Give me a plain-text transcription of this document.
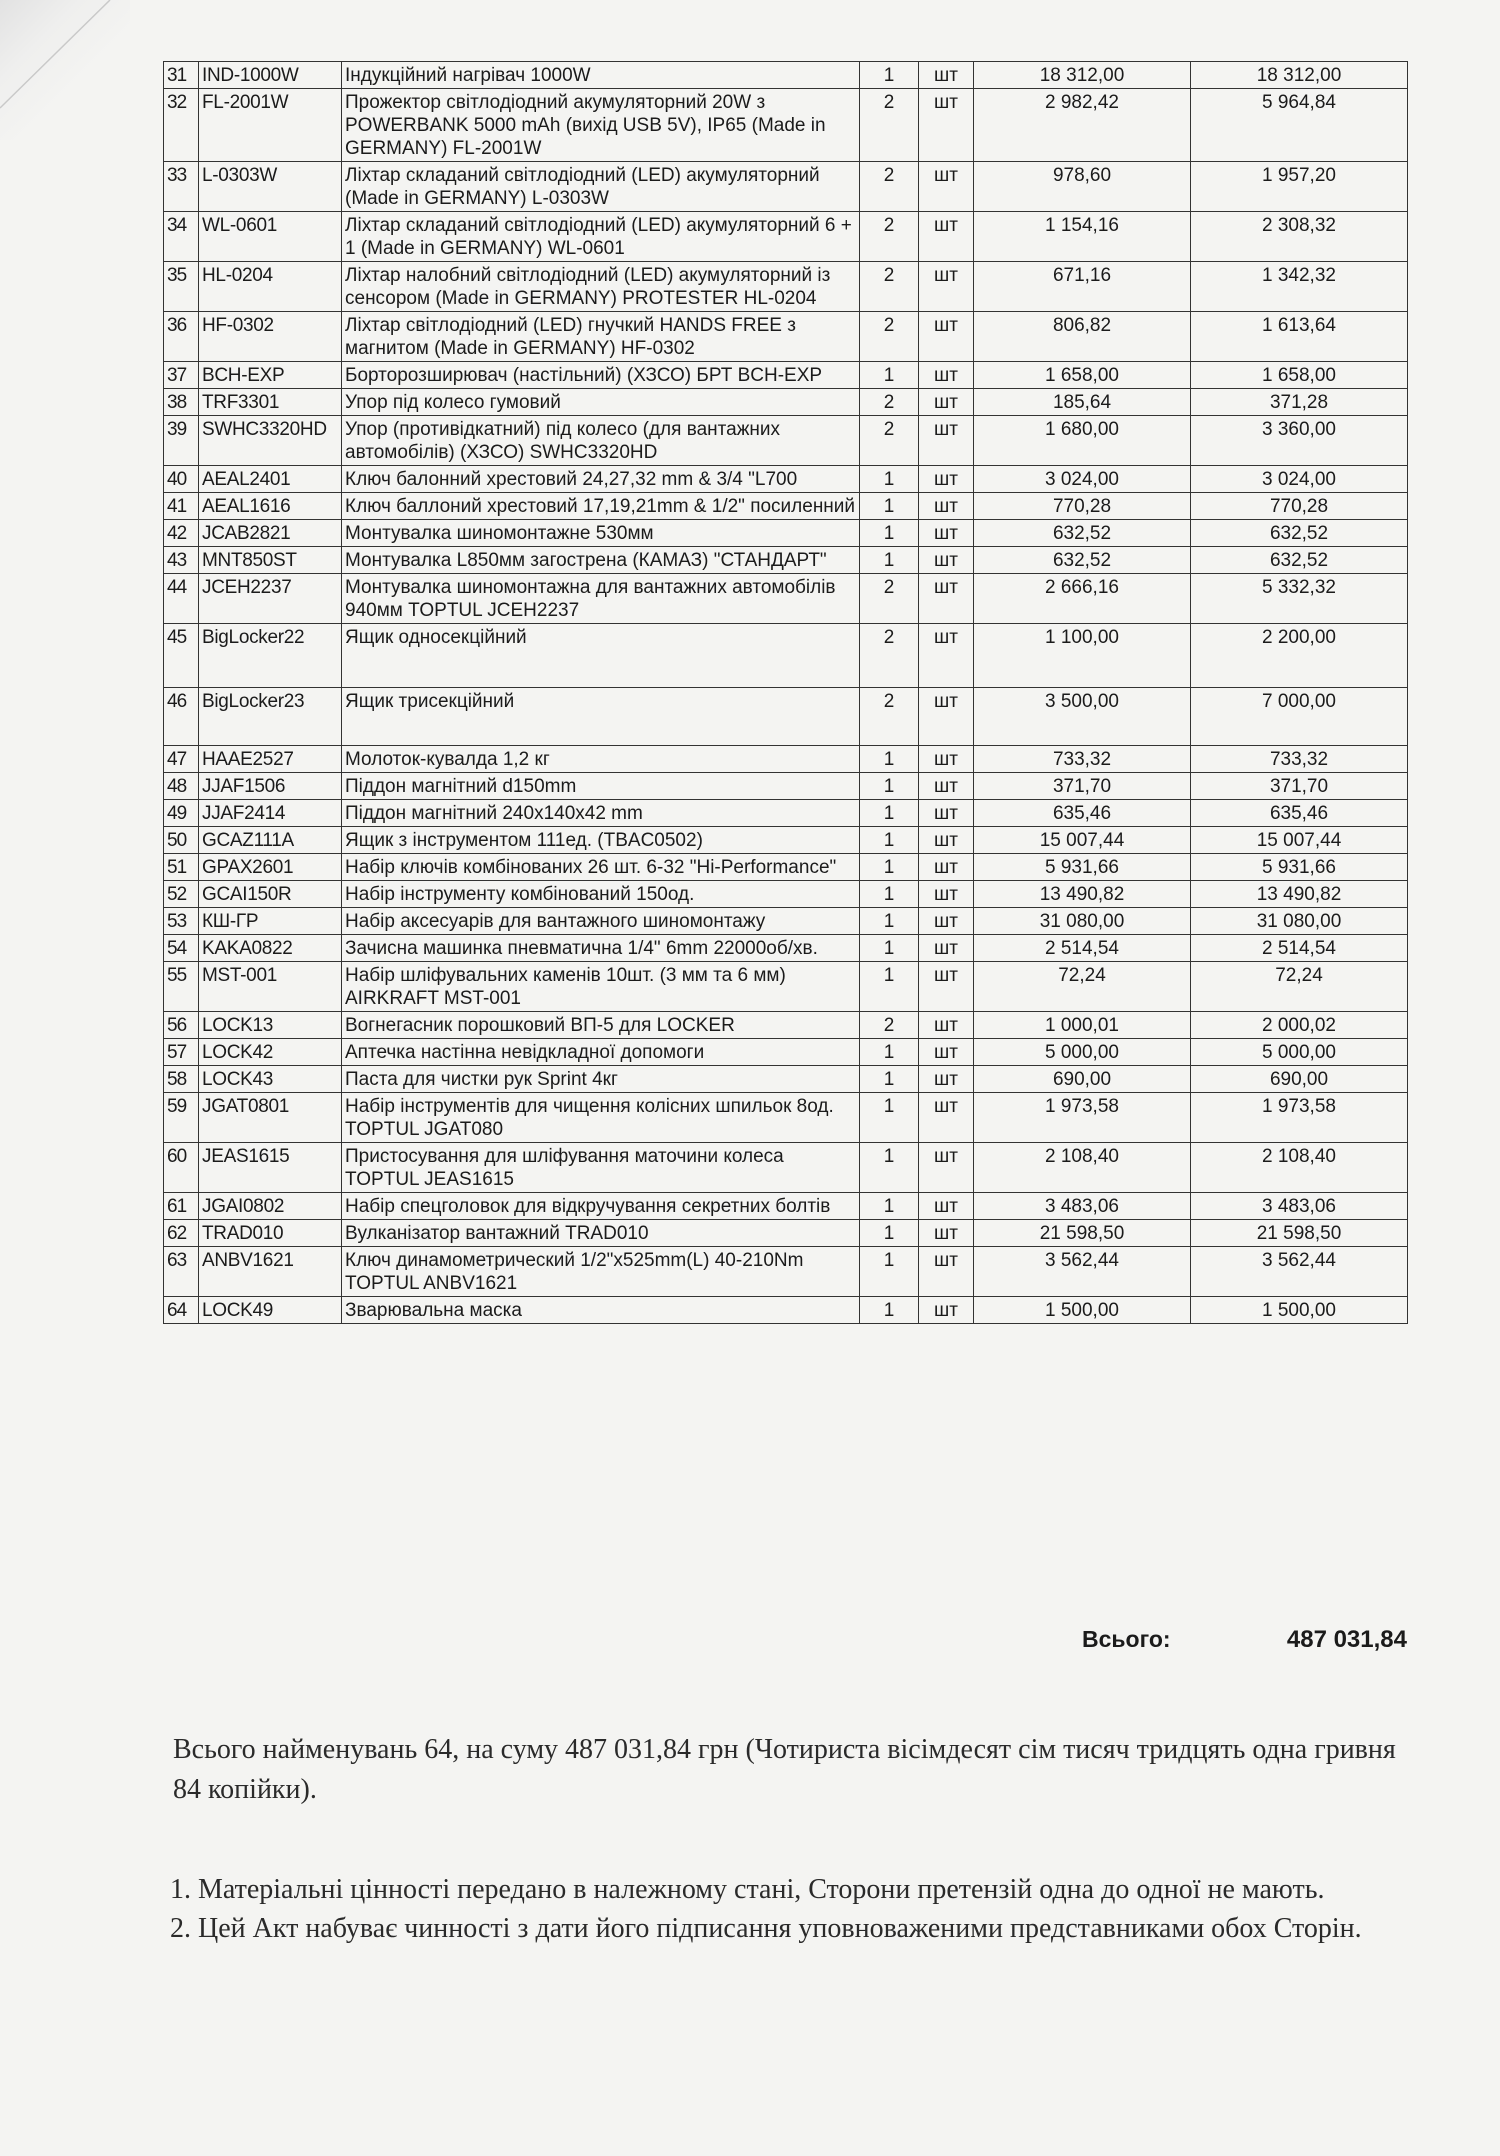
31	IND-1000W	Індукційний нагрівач 1000W	1	шт	18 312,00	18 312,00
32	FL-2001W	Прожектор світлодіодний акумуляторний 20W з POWERBANK 5000 mAh (вихід USB 5V), IP65 (Made in GERMANY) FL-2001W	2	шт	2 982,42	5 964,84
33	L-0303W	Ліхтар складаний світлодіодний (LED) акумуляторний (Made in GERMANY) L-0303W	2	шт	978,60	1 957,20
34	WL-0601	Ліхтар складаний світлодіодний (LED) акумуляторний 6 + 1 (Made in GERMANY) WL-0601	2	шт	1 154,16	2 308,32
35	HL-0204	Ліхтар налобний світлодіодний (LED) акумуляторний із сенсором (Made in GERMANY) PROTESTER HL-0204	2	шт	671,16	1 342,32
36	HF-0302	Ліхтар світлодіодний (LED) гнучкий HANDS FREE з магнитом (Made in GERMANY) HF-0302	2	шт	806,82	1 613,64
37	BCH-EXP	Борторозширювач (настільний) (ХЗСО) БРТ BCH-EXP	1	шт	1 658,00	1 658,00
38	TRF3301	Упор під колесо гумовий	2	шт	185,64	371,28
39	SWHC3320HD	Упор (противідкатний) під колесо (для вантажних автомобілів) (ХЗСО) SWHC3320HD	2	шт	1 680,00	3 360,00
40	AEAL2401	Ключ балонний хрестовий 24,27,32 mm & 3/4 "L700	1	шт	3 024,00	3 024,00
41	AEAL1616	Ключ баллоний хрестовий 17,19,21mm & 1/2" посиленний	1	шт	770,28	770,28
42	JCAB2821	Монтувалка шиномонтажне 530мм	1	шт	632,52	632,52
43	MNT850ST	Монтувалка L850мм загострена (КАМАЗ) "СТАНДАРТ"	1	шт	632,52	632,52
44	JCEH2237	Монтувалка шиномонтажна для вантажних автомобілів 940мм TOPTUL JCEH2237	2	шт	2 666,16	5 332,32
45	BigLocker22	Ящик односекційний	2	шт	1 100,00	2 200,00
46	BigLocker23	Ящик трисекційний	2	шт	3 500,00	7 000,00
47	HAAE2527	Молоток-кувалда 1,2 кг	1	шт	733,32	733,32
48	JJAF1506	Піддон магнітний d150mm	1	шт	371,70	371,70
49	JJAF2414	Піддон магнітний 240х140х42 mm	1	шт	635,46	635,46
50	GCAZ111A	Ящик з інструментом 111ед. (TBAC0502)	1	шт	15 007,44	15 007,44
51	GPAX2601	Набір ключів комбінованих 26 шт. 6-32 "Hi-Performance"	1	шт	5 931,66	5 931,66
52	GCAI150R	Набір інструменту комбінований 150од.	1	шт	13 490,82	13 490,82
53	КШ-ГР	Набір аксесуарів для вантажного шиномонтажу	1	шт	31 080,00	31 080,00
54	KAKA0822	Зачисна машинка пневматична 1/4" 6mm 22000об/хв.	1	шт	2 514,54	2 514,54
55	MST-001	Набір шліфувальних каменів 10шт. (3 мм та 6 мм) AIRKRAFT MST-001	1	шт	72,24	72,24
56	LOCK13	Вогнегасник порошковий ВП-5 для LOCKER	2	шт	1 000,01	2 000,02
57	LOCK42	Аптечка настінна невідкладної допомоги	1	шт	5 000,00	5 000,00
58	LOCK43	Паста для чистки рук Sprint 4кг	1	шт	690,00	690,00
59	JGAT0801	Набір інструментів для чищення колісних шпильок 8од. TOPTUL JGAT080	1	шт	1 973,58	1 973,58
60	JEAS1615	Пристосування для шліфування маточини колеса TOPTUL JEAS1615	1	шт	2 108,40	2 108,40
61	JGAI0802	Набір спецголовок для відкручування секретних болтів	1	шт	3 483,06	3 483,06
62	TRAD010	Вулканізатор вантажний TRAD010	1	шт	21 598,50	21 598,50
63	ANBV1621	Ключ динамометрический 1/2"х525mm(L) 40-210Nm TOPTUL ANBV1621	1	шт	3 562,44	3 562,44
64	LOCK49	Зварювальна маска	1	шт	1 500,00	1 500,00
Всього:	487 031,84
Всього найменувань 64, на суму 487 031,84 грн (Чотириста вісімдесят сім тисяч тридцять одна гривня 84 копійки).

1. Матеріальні цінності передано в належному стані, Сторони претензій одна до одної не мають.

2. Цей Акт набуває чинності з дати його підписання уповноваженими представниками обох Сторін.
